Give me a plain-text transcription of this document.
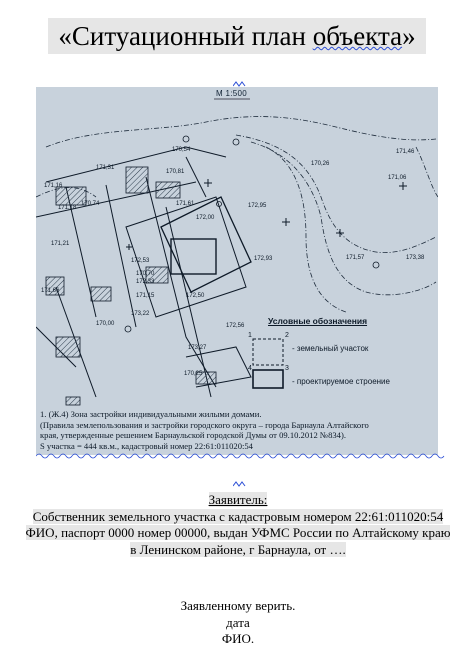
«Ситуационный план объекта»
1	2
3
4
171,46
171,06
170,26
171,57	173,38
172,93
172,95
171,16
171,18
171,21
170,81
171,61
172,00
172,33
172,50
173,22
173,27
170,00	172,56
171,15
171,31
170,54
172,53
170,74
170,70
170,25
171,66
М 1:500
Условные обозначения
- земельный участок
- проектируемое строение

1. (Ж.4) Зона застройки индивидуальными жилыми домами.

(Правила землепользования и застройки городского округа – города Барнаула Алтайского

края, утвержденные решением Барнаульской городской Думы от 09.10.2012 №834).

S участка = 444 кв.м., кадастровый номер 22:61:011020:54

Заявитель:
Собственник земельного участка с кадастровым номером 22:61:011020:54
ФИО, паспорт 0000 номер 00000, выдан УФМС России по Алтайскому краю
в Ленинском районе, г Барнаула, от ….
Заявленному верить.
дата
ФИО.
